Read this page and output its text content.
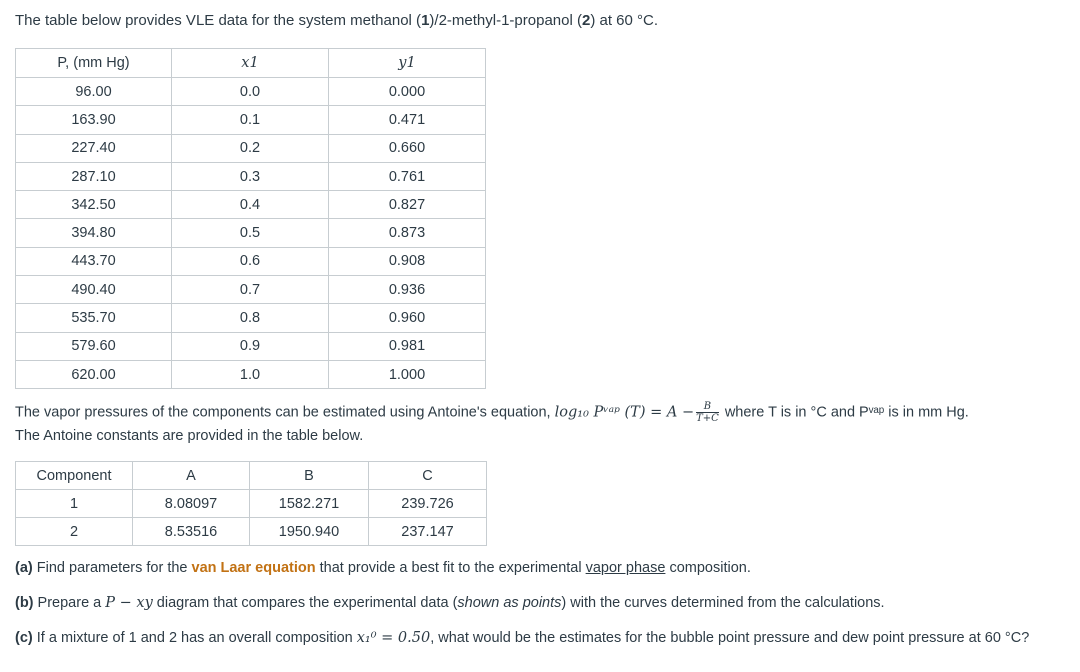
The table below provides VLE data for the system methanol (1)/2-methyl-1-propanol (2) at 60 °C.
P, (mm Hg)	x1	y1
96.00	0.0	0.000
163.90	0.1	0.471
227.40	0.2	0.660
287.10	0.3	0.761
342.50	0.4	0.827
394.80	0.5	0.873
443.70	0.6	0.908
490.40	0.7	0.936
535.70	0.8	0.960
579.60	0.9	0.981
620.00	1.0	1.000
The vapor pressures of the components can be estimated using Antoine's equation, log₁₀ Pᵛᵃᵖ $(T) = A - \frac{B}{T+C}$ where T is in °C and Pᵛᵃᵖ is in mm Hg.
The Antoine constants are provided in the table below.
Component	A	B	C
1	8.08097	1582.271	239.726
2	8.53516	1950.940	237.147
(a) Find parameters for the van Laar equation that provide a best fit to the experimental vapor phase composition.
(b) Prepare a P − xy diagram that compares the experimental data (shown as points) with the curves determined from the calculations.
(c) If a mixture of 1 and 2 has an overall composition x₁⁰ = 0.50, what would be the estimates for the bubble point pressure and dew point pressure at 60 °C?
